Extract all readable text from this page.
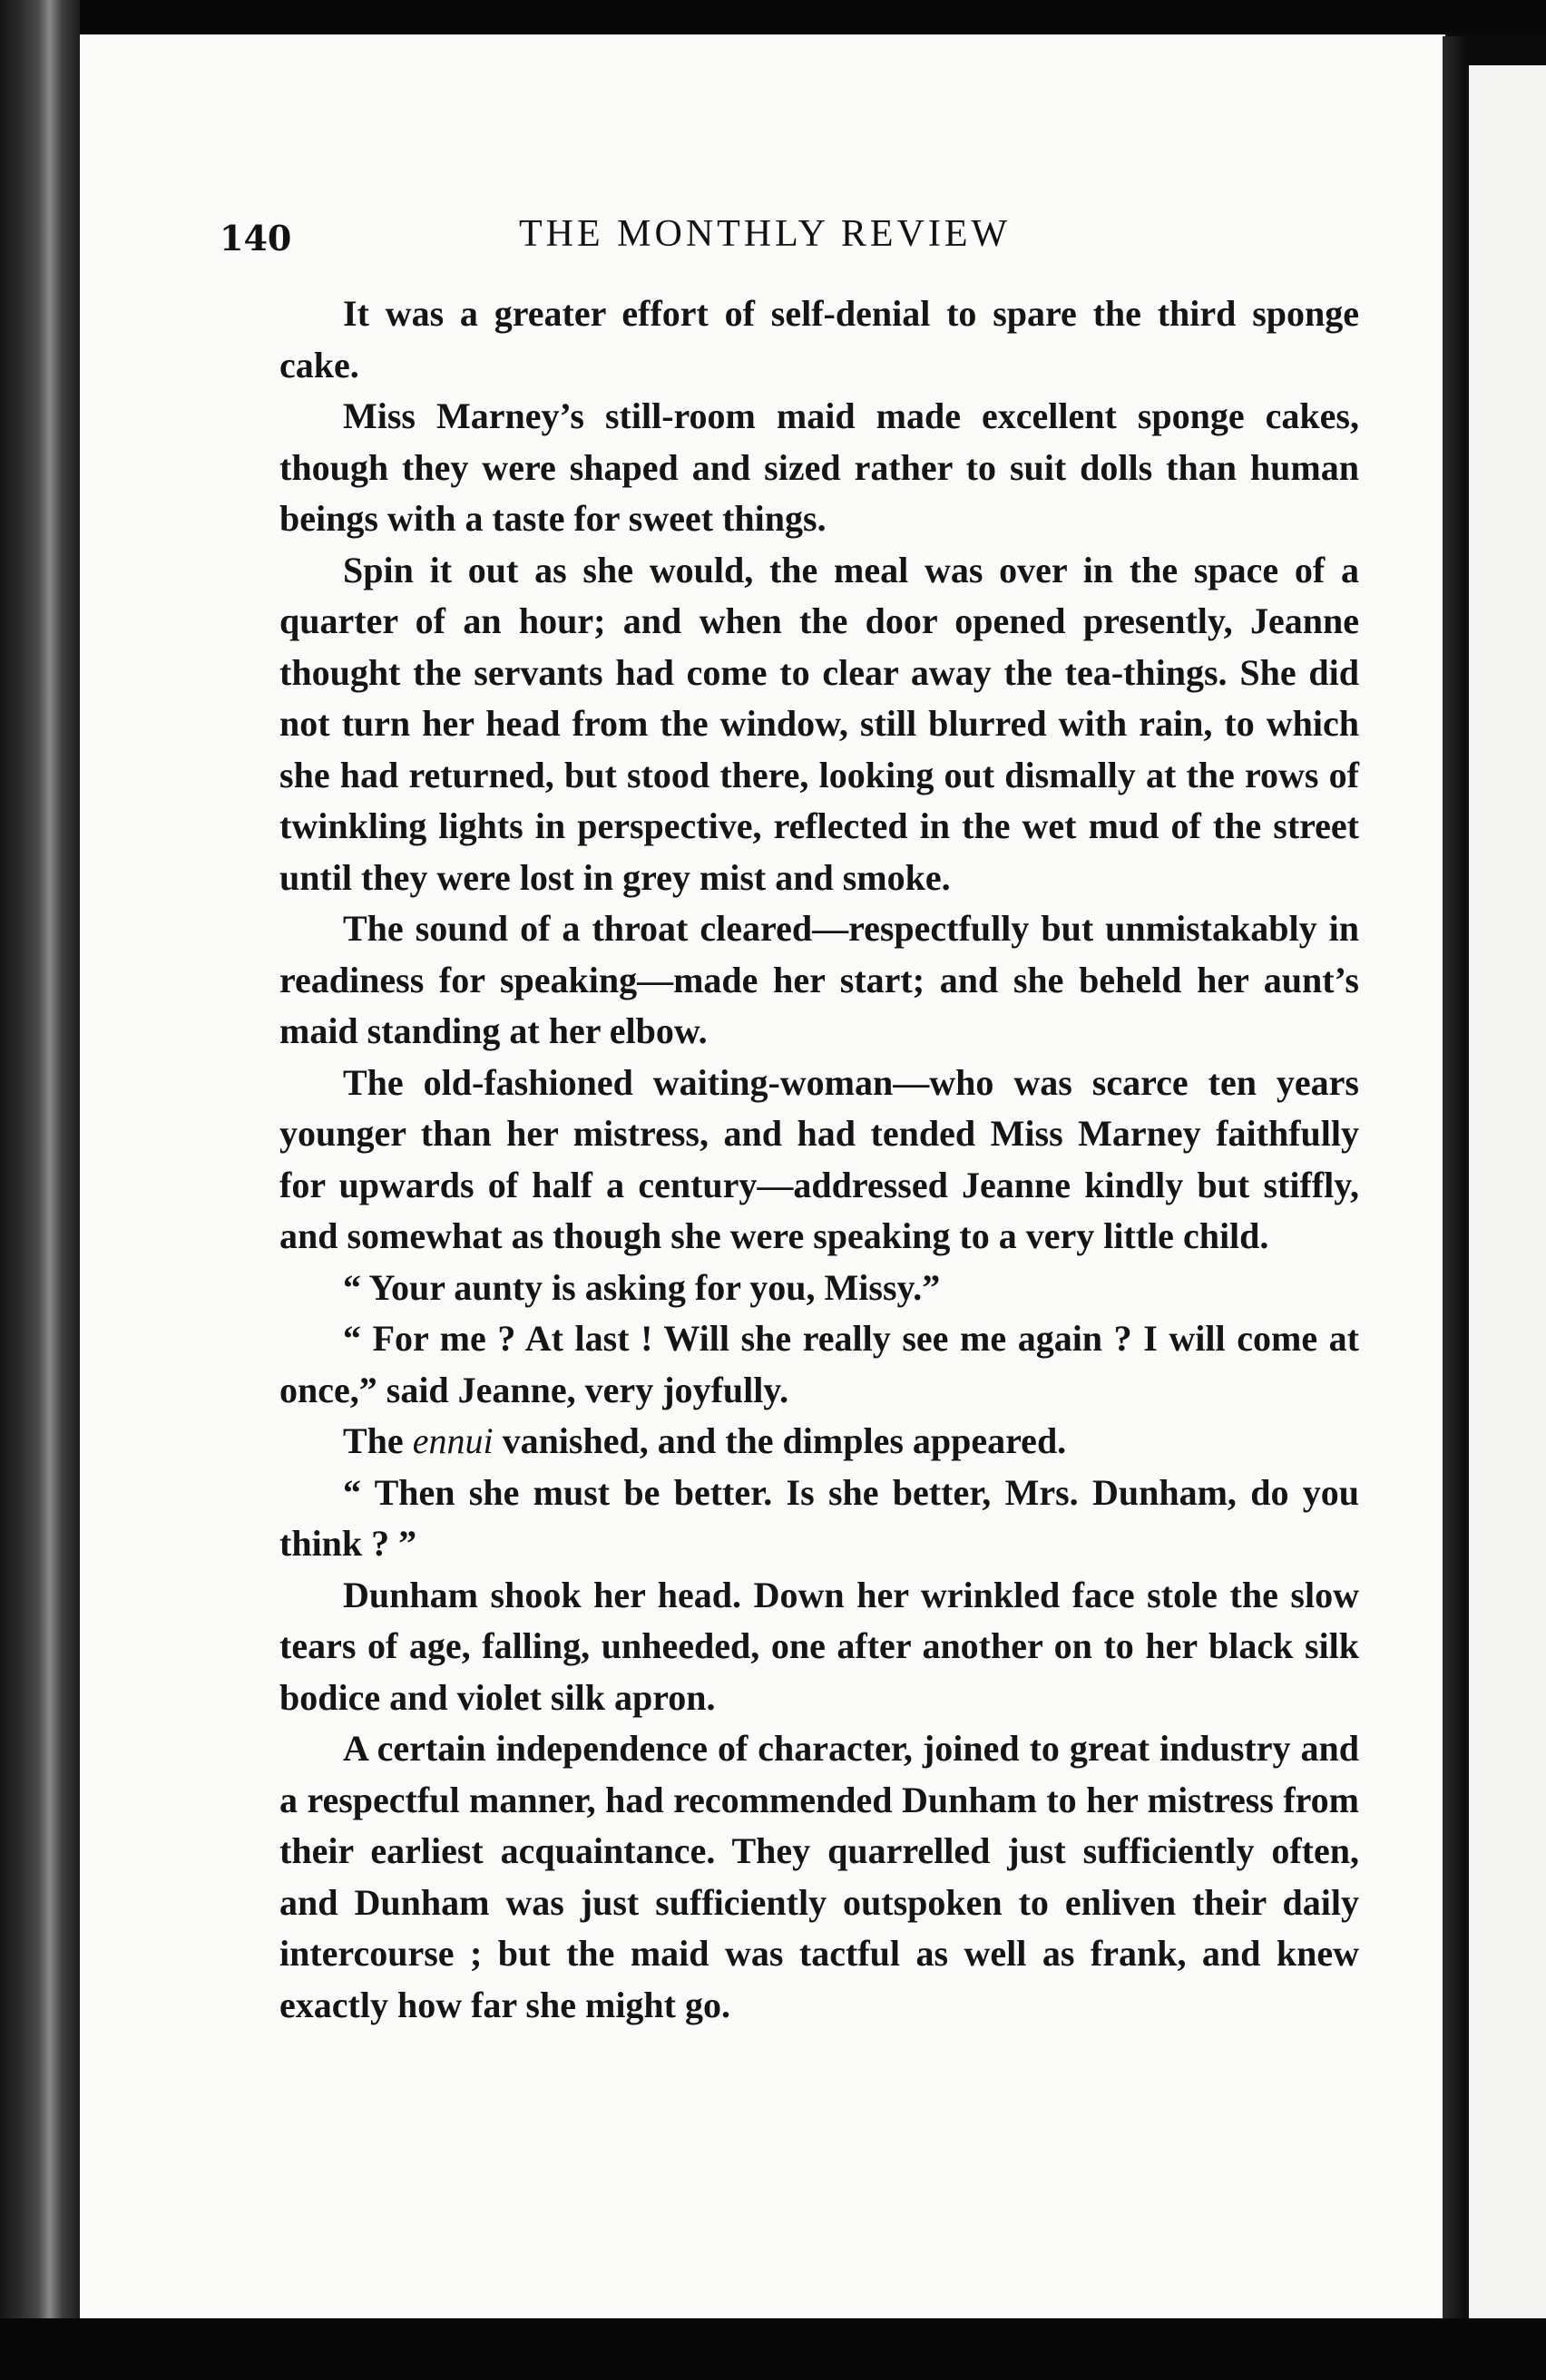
140	THE MONTHLY REVIEW

It was a greater effort of self-denial to spare the third sponge cake.

Miss Marney’s still-room maid made excellent sponge cakes, though they were shaped and sized rather to suit dolls than human beings with a taste for sweet things.

Spin it out as she would, the meal was over in the space of a quarter of an hour; and when the door opened presently, Jeanne thought the servants had come to clear away the tea-things. She did not turn her head from the window, still blurred with rain, to which she had returned, but stood there, looking out dismally at the rows of twinkling lights in perspective, reflected in the wet mud of the street until they were lost in grey mist and smoke.

The sound of a throat cleared—respectfully but unmistakably in readiness for speaking—made her start; and she beheld her aunt’s maid standing at her elbow.

The old-fashioned waiting-woman—who was scarce ten years younger than her mistress, and had tended Miss Marney faithfully for upwards of half a century—addressed Jeanne kindly but stiffly, and somewhat as though she were speaking to a very little child.

“ Your aunty is asking for you, Missy.”

“ For me ? At last ! Will she really see me again ? I will come at once,” said Jeanne, very joyfully.

The ennui vanished, and the dimples appeared.

“ Then she must be better. Is she better, Mrs. Dunham, do you think ? ”

Dunham shook her head. Down her wrinkled face stole the slow tears of age, falling, unheeded, one after another on to her black silk bodice and violet silk apron.

A certain independence of character, joined to great industry and a respectful manner, had recommended Dunham to her mistress from their earliest acquaintance. They quarrelled just sufficiently often, and Dunham was just sufficiently outspoken to enliven their daily intercourse ; but the maid was tactful as well as frank, and knew exactly how far she might go.
